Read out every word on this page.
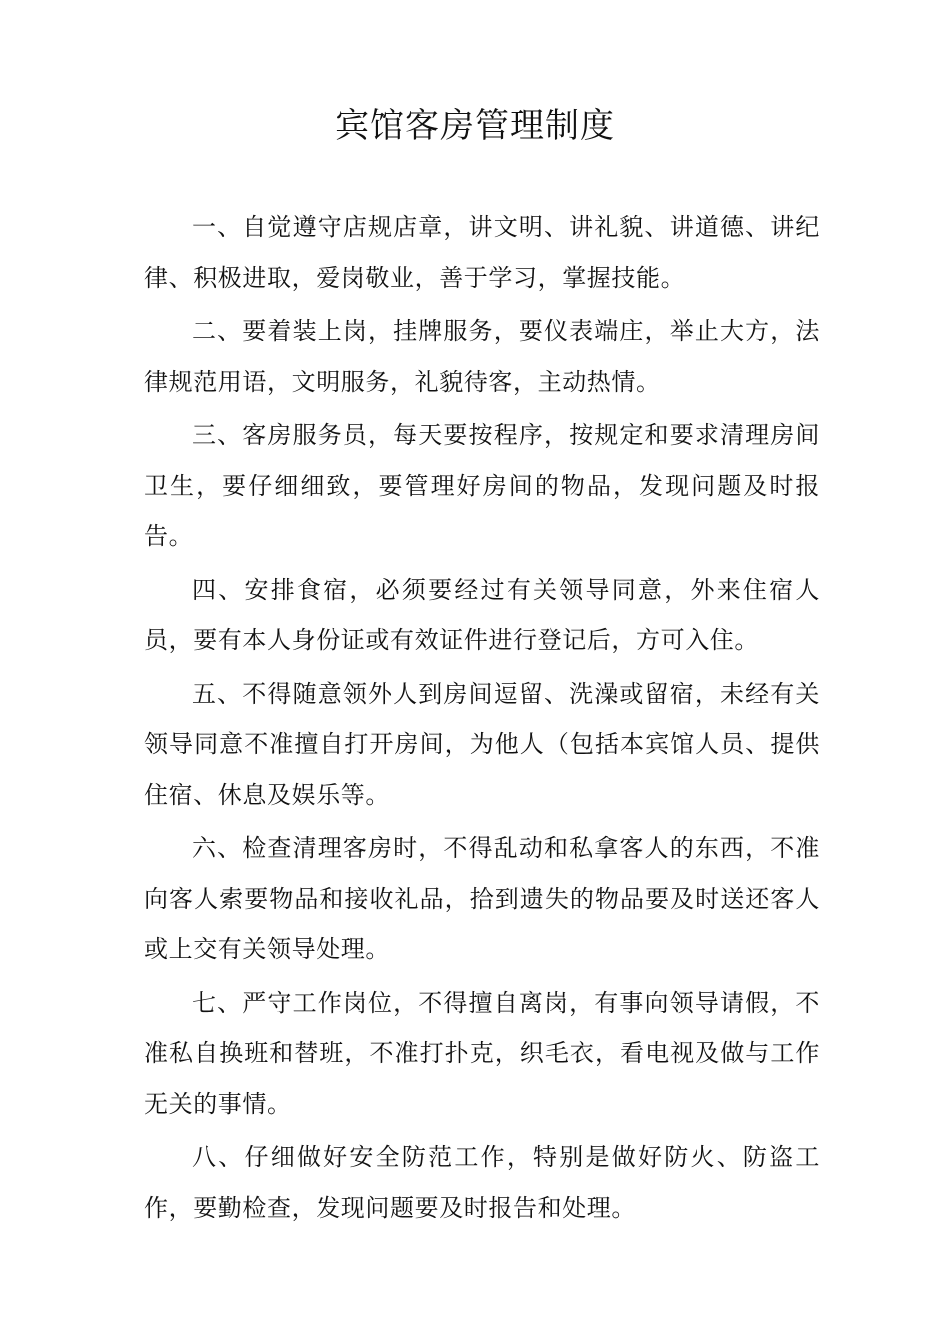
宾馆客房管理制度

一、自觉遵守店规店章，讲文明、讲礼貌、讲道德、讲纪律、积极进取，爱岗敬业，善于学习，掌握技能。

二、要着装上岗，挂牌服务，要仪表端庄，举止大方，法律规范用语，文明服务，礼貌待客，主动热情。

三、客房服务员，每天要按程序，按规定和要求清理房间卫生，要仔细细致，要管理好房间的物品，发现问题及时报告。

四、安排食宿，必须要经过有关领导同意，外来住宿人员，要有本人身份证或有效证件进行登记后，方可入住。

五、不得随意领外人到房间逗留、洗澡或留宿，未经有关领导同意不准擅自打开房间，为他人（包括本宾馆人员、提供住宿、休息及娱乐等。

六、检查清理客房时，不得乱动和私拿客人的东西，不准向客人索要物品和接收礼品，拾到遗失的物品要及时送还客人或上交有关领导处理。

七、严守工作岗位，不得擅自离岗，有事向领导请假，不准私自换班和替班，不准打扑克，织毛衣，看电视及做与工作无关的事情。

八、仔细做好安全防范工作，特别是做好防火、防盗工作，要勤检查，发现问题要及时报告和处理。
